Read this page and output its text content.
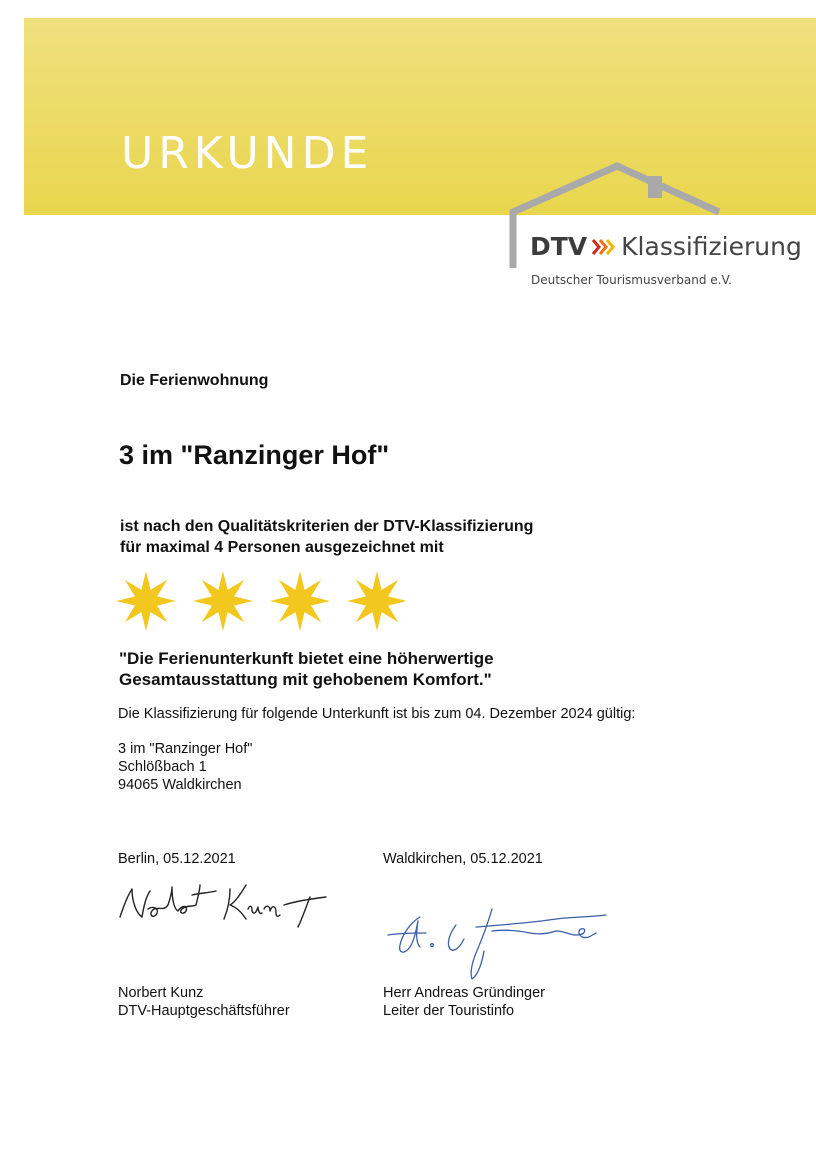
URKUNDE
DTV Klassifizierung
Deutscher Tourismusverband e.V.
Die Ferienwohnung
3 im "Ranzinger Hof"
ist nach den Qualitätskriterien der DTV-Klassifizierung
für maximal 4 Personen ausgezeichnet mit
"Die Ferienunterkunft bietet eine höherwertige
Gesamtausstattung mit gehobenem Komfort."
Die Klassifizierung für folgende Unterkunft ist bis zum 04. Dezember 2024 gültig:
3 im "Ranzinger Hof"
Schlößbach 1
94065 Waldkirchen
Berlin, 05.12.2021	Waldkirchen, 05.12.2021
Norbert Kunz
DTV-Hauptgeschäftsführer
Herr Andreas Gründinger
Leiter der Touristinfo
